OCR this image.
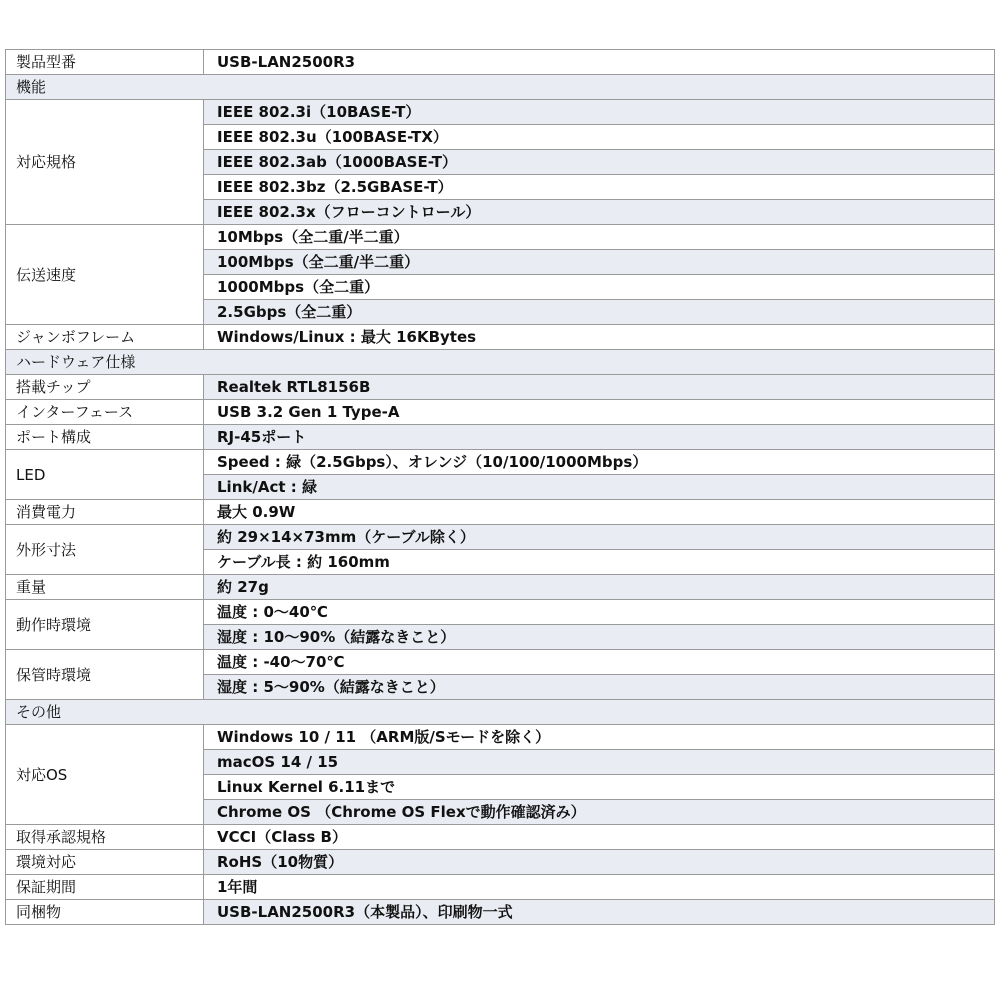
製品型番	USB-LAN2500R3
機能	
対応規格	IEEE 802.3i（10BASE-T）
	IEEE 802.3u（100BASE-TX）
	IEEE 802.3ab（1000BASE-T）
	IEEE 802.3bz（2.5GBASE-T）
	IEEE 802.3x（フローコントロール）
伝送速度	10Mbps（全二重/半二重）
	100Mbps（全二重/半二重）
	1000Mbps（全二重）
	2.5Gbps（全二重）
ジャンボフレーム	Windows/Linux : 最大 16KBytes
ハードウェア仕様	
搭載チップ	Realtek RTL8156B
インターフェース	USB 3.2 Gen 1 Type-A
ポート構成	RJ-45ポート
LED	Speed : 緑（2.5Gbps）、オレンジ（10/100/1000Mbps）
	Link/Act : 緑
消費電力	最大 0.9W
外形寸法	約 29×14×73mm（ケーブル除く）
	ケーブル長 : 約 160mm
重量	約 27g
動作時環境	温度 : 0～40℃
	湿度 : 10～90%（結露なきこと）
保管時環境	温度 : -40～70℃
	湿度 : 5～90%（結露なきこと）
その他	
対応OS	Windows 10 / 11 （ARM版/Sモードを除く）
	macOS 14 / 15
	Linux Kernel 6.11まで
	Chrome OS （Chrome OS Flexで動作確認済み）
取得承認規格	VCCI（Class B）
環境対応	RoHS（10物質）
保証期間	1年間
同梱物	USB-LAN2500R3（本製品）、印刷物一式
